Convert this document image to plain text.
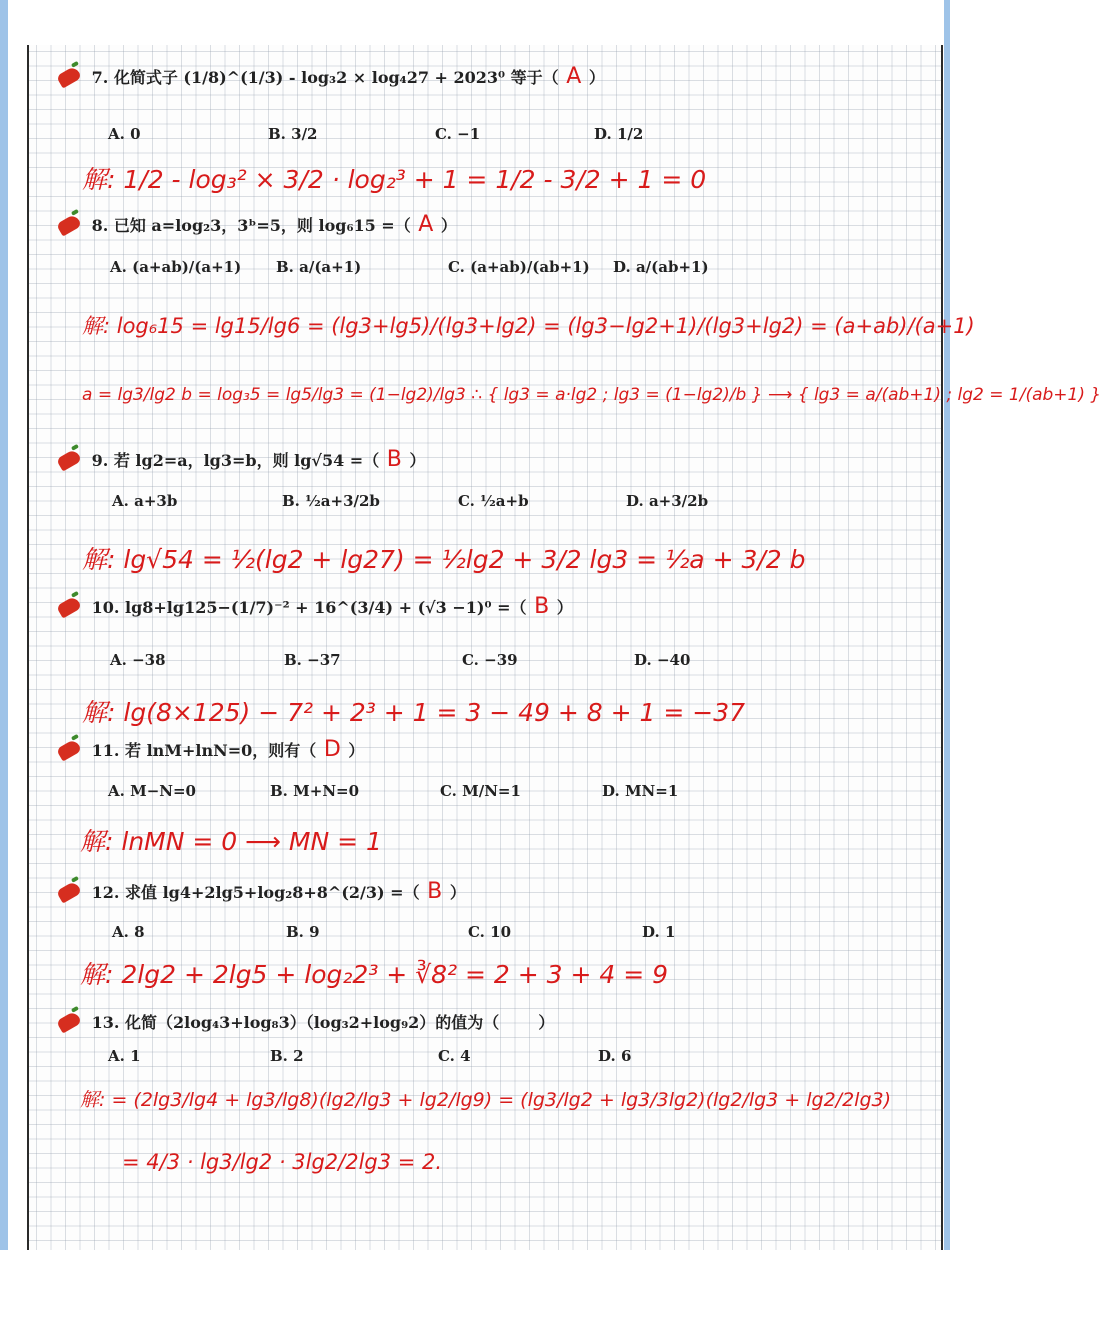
7. 化简式子 (1/8)^(1/3) - log₃2 × log₄27 + 2023⁰ 等于（ A ）
A. 0	B. 3/2	C. −1	D. 1/2
解: 1/2 - log₃² × 3/2 · log₂³ + 1 = 1/2 - 3/2 + 1 = 0
8. 已知 a=log₂3，3ᵇ=5，则 log₆15 =（ A ）
A. (a+ab)/(a+1) B. a/(a+1)	C. (a+ab)/(ab+1) D. a/(ab+1)
解: log₆15 = lg15/lg6 = (lg3+lg5)/(lg3+lg2) = (lg3−lg2+1)/(lg3+lg2) = (a+ab)/(a+1)
a = lg3/lg2 b = log₃5 = lg5/lg3 = (1−lg2)/lg3 ∴ { lg3 = a·lg2 ; lg3 = (1−lg2)/b } ⟶ { lg3 = a/(ab+1) ; lg2 = 1/(ab+1) }
9. 若 lg2=a，lg3=b，则 lg√54 =（ B ）
A. a+3b	B. ½a+3/2b	C. ½a+b	D. a+3/2b
解: lg√54 = ½(lg2 + lg27) = ½lg2 + 3/2 lg3 = ½a + 3/2 b
10. lg8+lg125−(1/7)⁻² + 16^(3/4) + (√3 −1)⁰ =（ B ）
A. −38	B. −37	C. −39	D. −40
解: lg(8×125) − 7² + 2³ + 1 = 3 − 49 + 8 + 1 = −37
11. 若 lnM+lnN=0，则有（ D ）
A. M−N=0	B. M+N=0	C. M/N=1	D. MN=1
解: lnMN = 0 ⟶ MN = 1
12. 求值 lg4+2lg5+log₂8+8^(2/3) =（ B ）
A. 8	B. 9	C. 10	D. 1
解: 2lg2 + 2lg5 + log₂2³ + ∛8² = 2 + 3 + 4 = 9
13. 化简（2log₄3+log₈3）（log₃2+log₉2）的值为（ ）
A. 1	B. 2	C. 4	D. 6
解: = (2lg3/lg4 + lg3/lg8)(lg2/lg3 + lg2/lg9) = (lg3/lg2 + lg3/3lg2)(lg2/lg3 + lg2/2lg3)
= 4/3 · lg3/lg2 · 3lg2/2lg3 = 2.
